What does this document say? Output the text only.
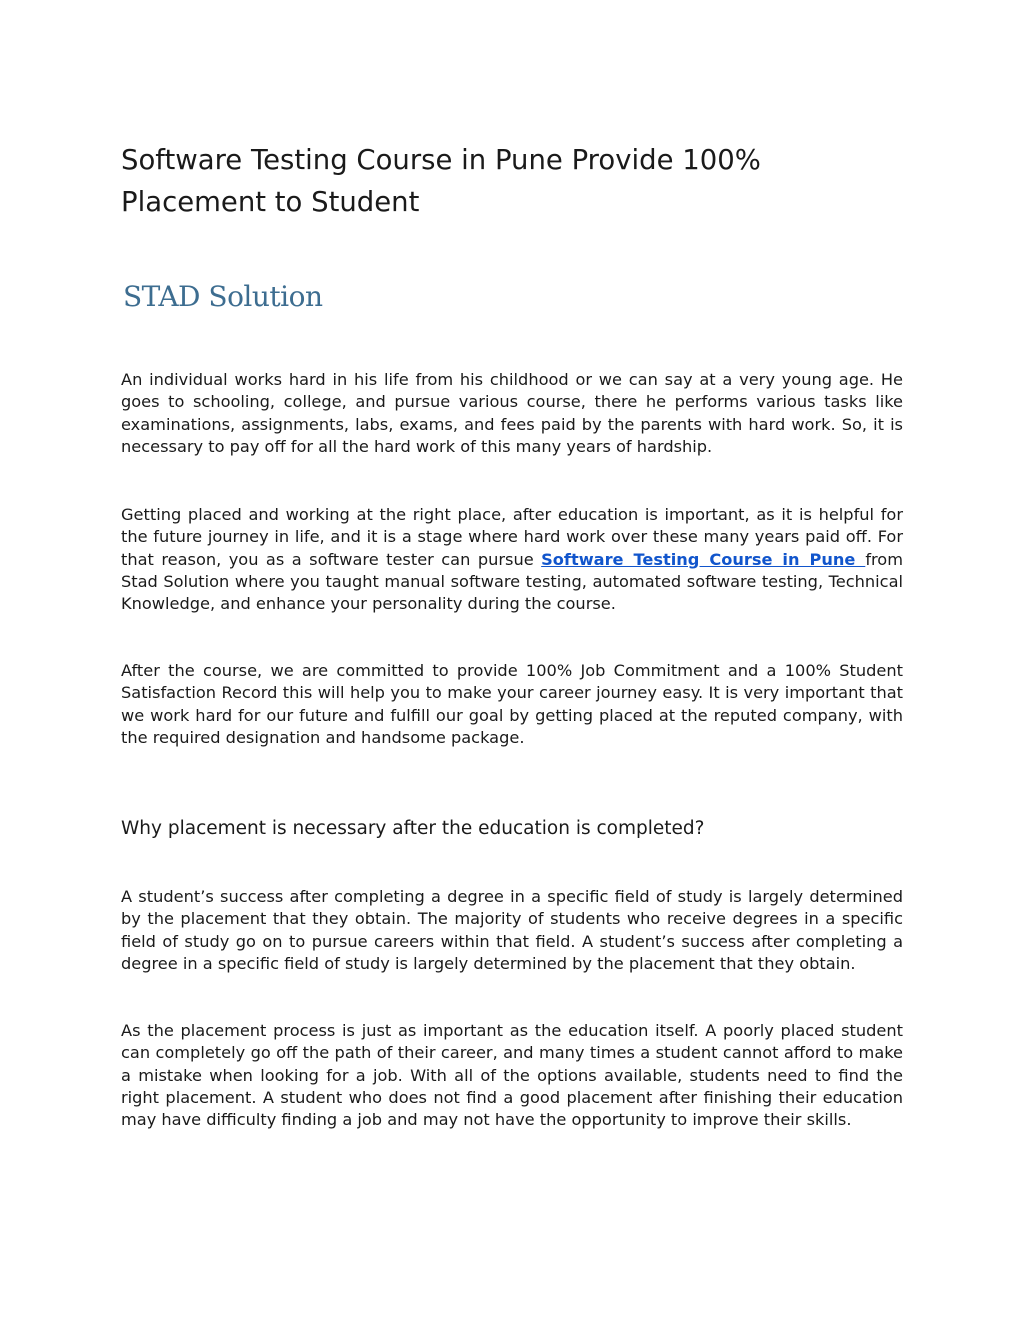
Software Testing Course in Pune Provide 100% Placement to Student
STAD Solution

An individual works hard in his life from his childhood or we can say at a very young age. He goes to schooling, college, and pursue various course, there he performs various tasks like examinations, assignments, labs, exams, and fees paid by the parents with hard work. So, it is necessary to pay off for all the hard work of this many years of hardship.

Getting placed and working at the right place, after education is important, as it is helpful for the future journey in life, and it is a stage where hard work over these many years paid off. For that reason, you as a software tester can pursue Software Testing Course in Pune from Stad Solution where you taught manual software testing, automated software testing, Technical Knowledge, and enhance your personality during the course.

After the course, we are committed to provide 100% Job Commitment and a 100% Student Satisfaction Record this will help you to make your career journey easy. It is very important that we work hard for our future and fulfill our goal by getting placed at the reputed company, with the required designation and handsome package.

Why placement is necessary after the education is completed?

A student’s success after completing a degree in a specific field of study is largely determined by the placement that they obtain. The majority of students who receive degrees in a specific field of study go on to pursue careers within that field. A student’s success after completing a degree in a specific field of study is largely determined by the placement that they obtain.

As the placement process is just as important as the education itself. A poorly placed student can completely go off the path of their career, and many times a student cannot afford to make a mistake when looking for a job. With all of the options available, students need to find the right placement. A student who does not find a good placement after finishing their education may have difficulty finding a job and may not have the opportunity to improve their skills.
